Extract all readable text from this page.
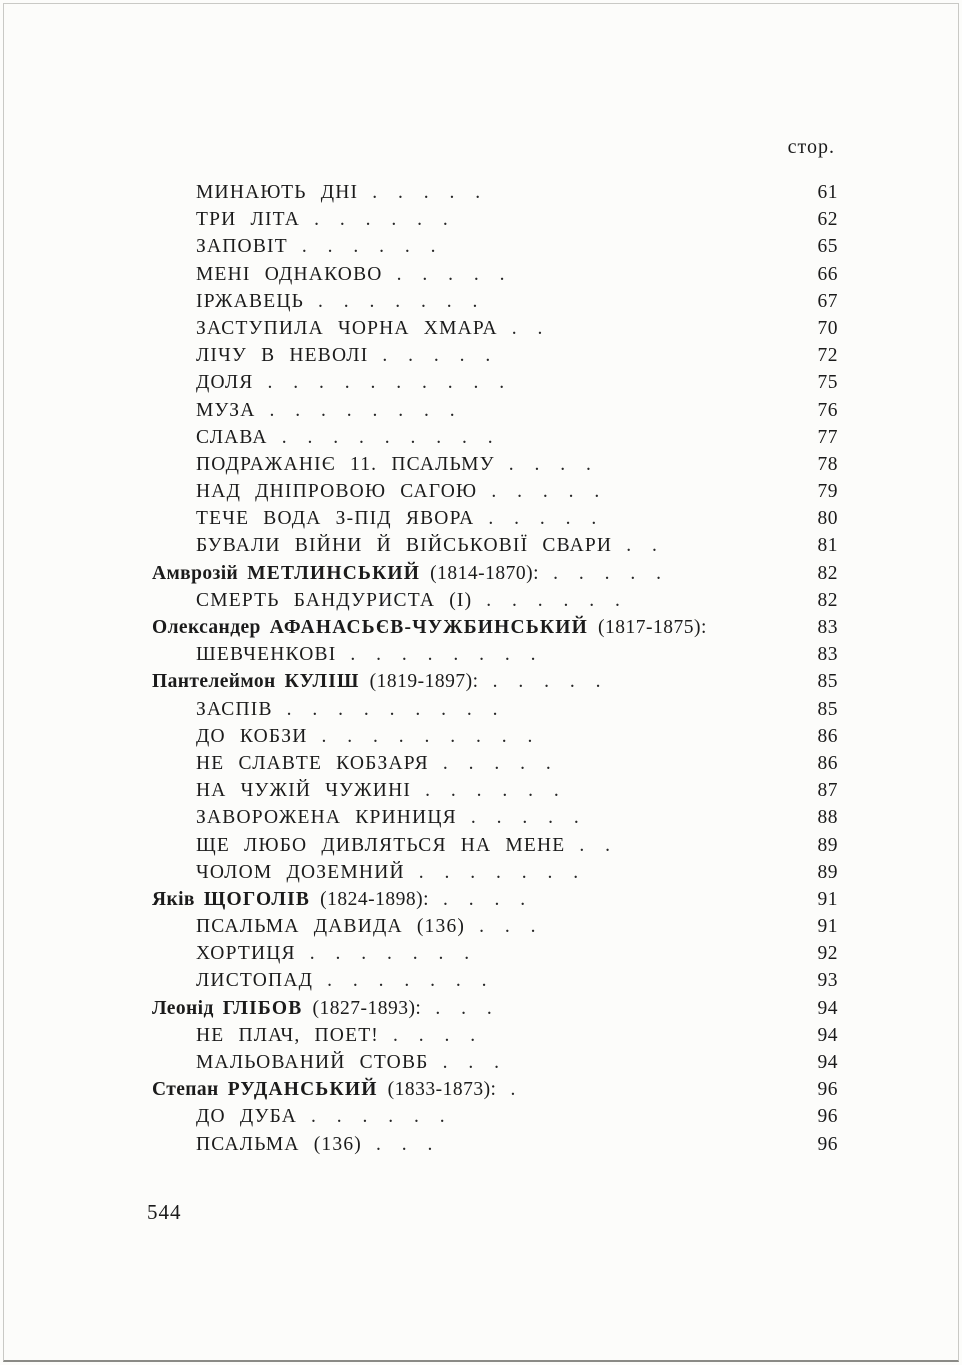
стор.
МИНАЮТЬ ДНІ . . . . .	61
ТРИ ЛІТА . . . . . .	62
ЗАПОВІТ . . . . . .	65
МЕНІ ОДНАКОВО . . . . .	66
ІРЖАВЕЦЬ . . . . . . .	67
ЗАСТУПИЛА ЧОРНА ХМАРА . .	70
ЛІЧУ В НЕВОЛІ . . . . .	72
ДОЛЯ . . . . . . . . . .	75
МУЗА . . . . . . . .	76
СЛАВА . . . . . . . . .	77
ПОДРАЖАНІЄ 11. ПСАЛЬМУ . . . .	78
НАД ДНІПРОВОЮ САГОЮ . . . . .	79
ТЕЧЕ ВОДА З-ПІД ЯВОРА . . . . .	80
БУВАЛИ ВІЙНИ Й ВІЙСЬКОВІЇ СВАРИ . .	81
Амврозій МЕТЛИНСЬКИЙ (1814-1870): . . . . .	82
СМЕРТЬ БАНДУРИСТА (І) . . . . . .	82
Олександер АФАНАСЬЄВ-ЧУЖБИНСЬКИЙ (1817-1875):	83
ШЕВЧЕНКОВІ . . . . . . . .	83
Пантелеймон КУЛІШ (1819-1897): . . . . .	85
ЗАСПІВ . . . . . . . . .	85
ДО КОБЗИ . . . . . . . . .	86
НЕ СЛАВТЕ КОБЗАРЯ . . . . .	86
НА ЧУЖІЙ ЧУЖИНІ . . . . . .	87
ЗАВОРОЖЕНА КРИНИЦЯ . . . . .	88
ЩЕ ЛЮБО ДИВЛЯТЬСЯ НА МЕНЕ . .	89
ЧОЛОМ ДОЗЕМНИЙ . . . . . . .	89
Яків ЩОГОЛІВ (1824-1898): . . . .	91
ПСАЛЬМА ДАВИДА (136) . . .	91
ХОРТИЦЯ . . . . . . .	92
ЛИСТОПАД . . . . . . .	93
Леонід ГЛІБОВ (1827-1893): . . .	94
НЕ ПЛАЧ, ПОЕТ! . . . .	94
МАЛЬОВАНИЙ СТОВБ . . .	94
Степан РУДАНСЬКИЙ (1833-1873): .	96
ДО ДУБА . . . . . .	96
ПСАЛЬМА (136) . . .	96
544
